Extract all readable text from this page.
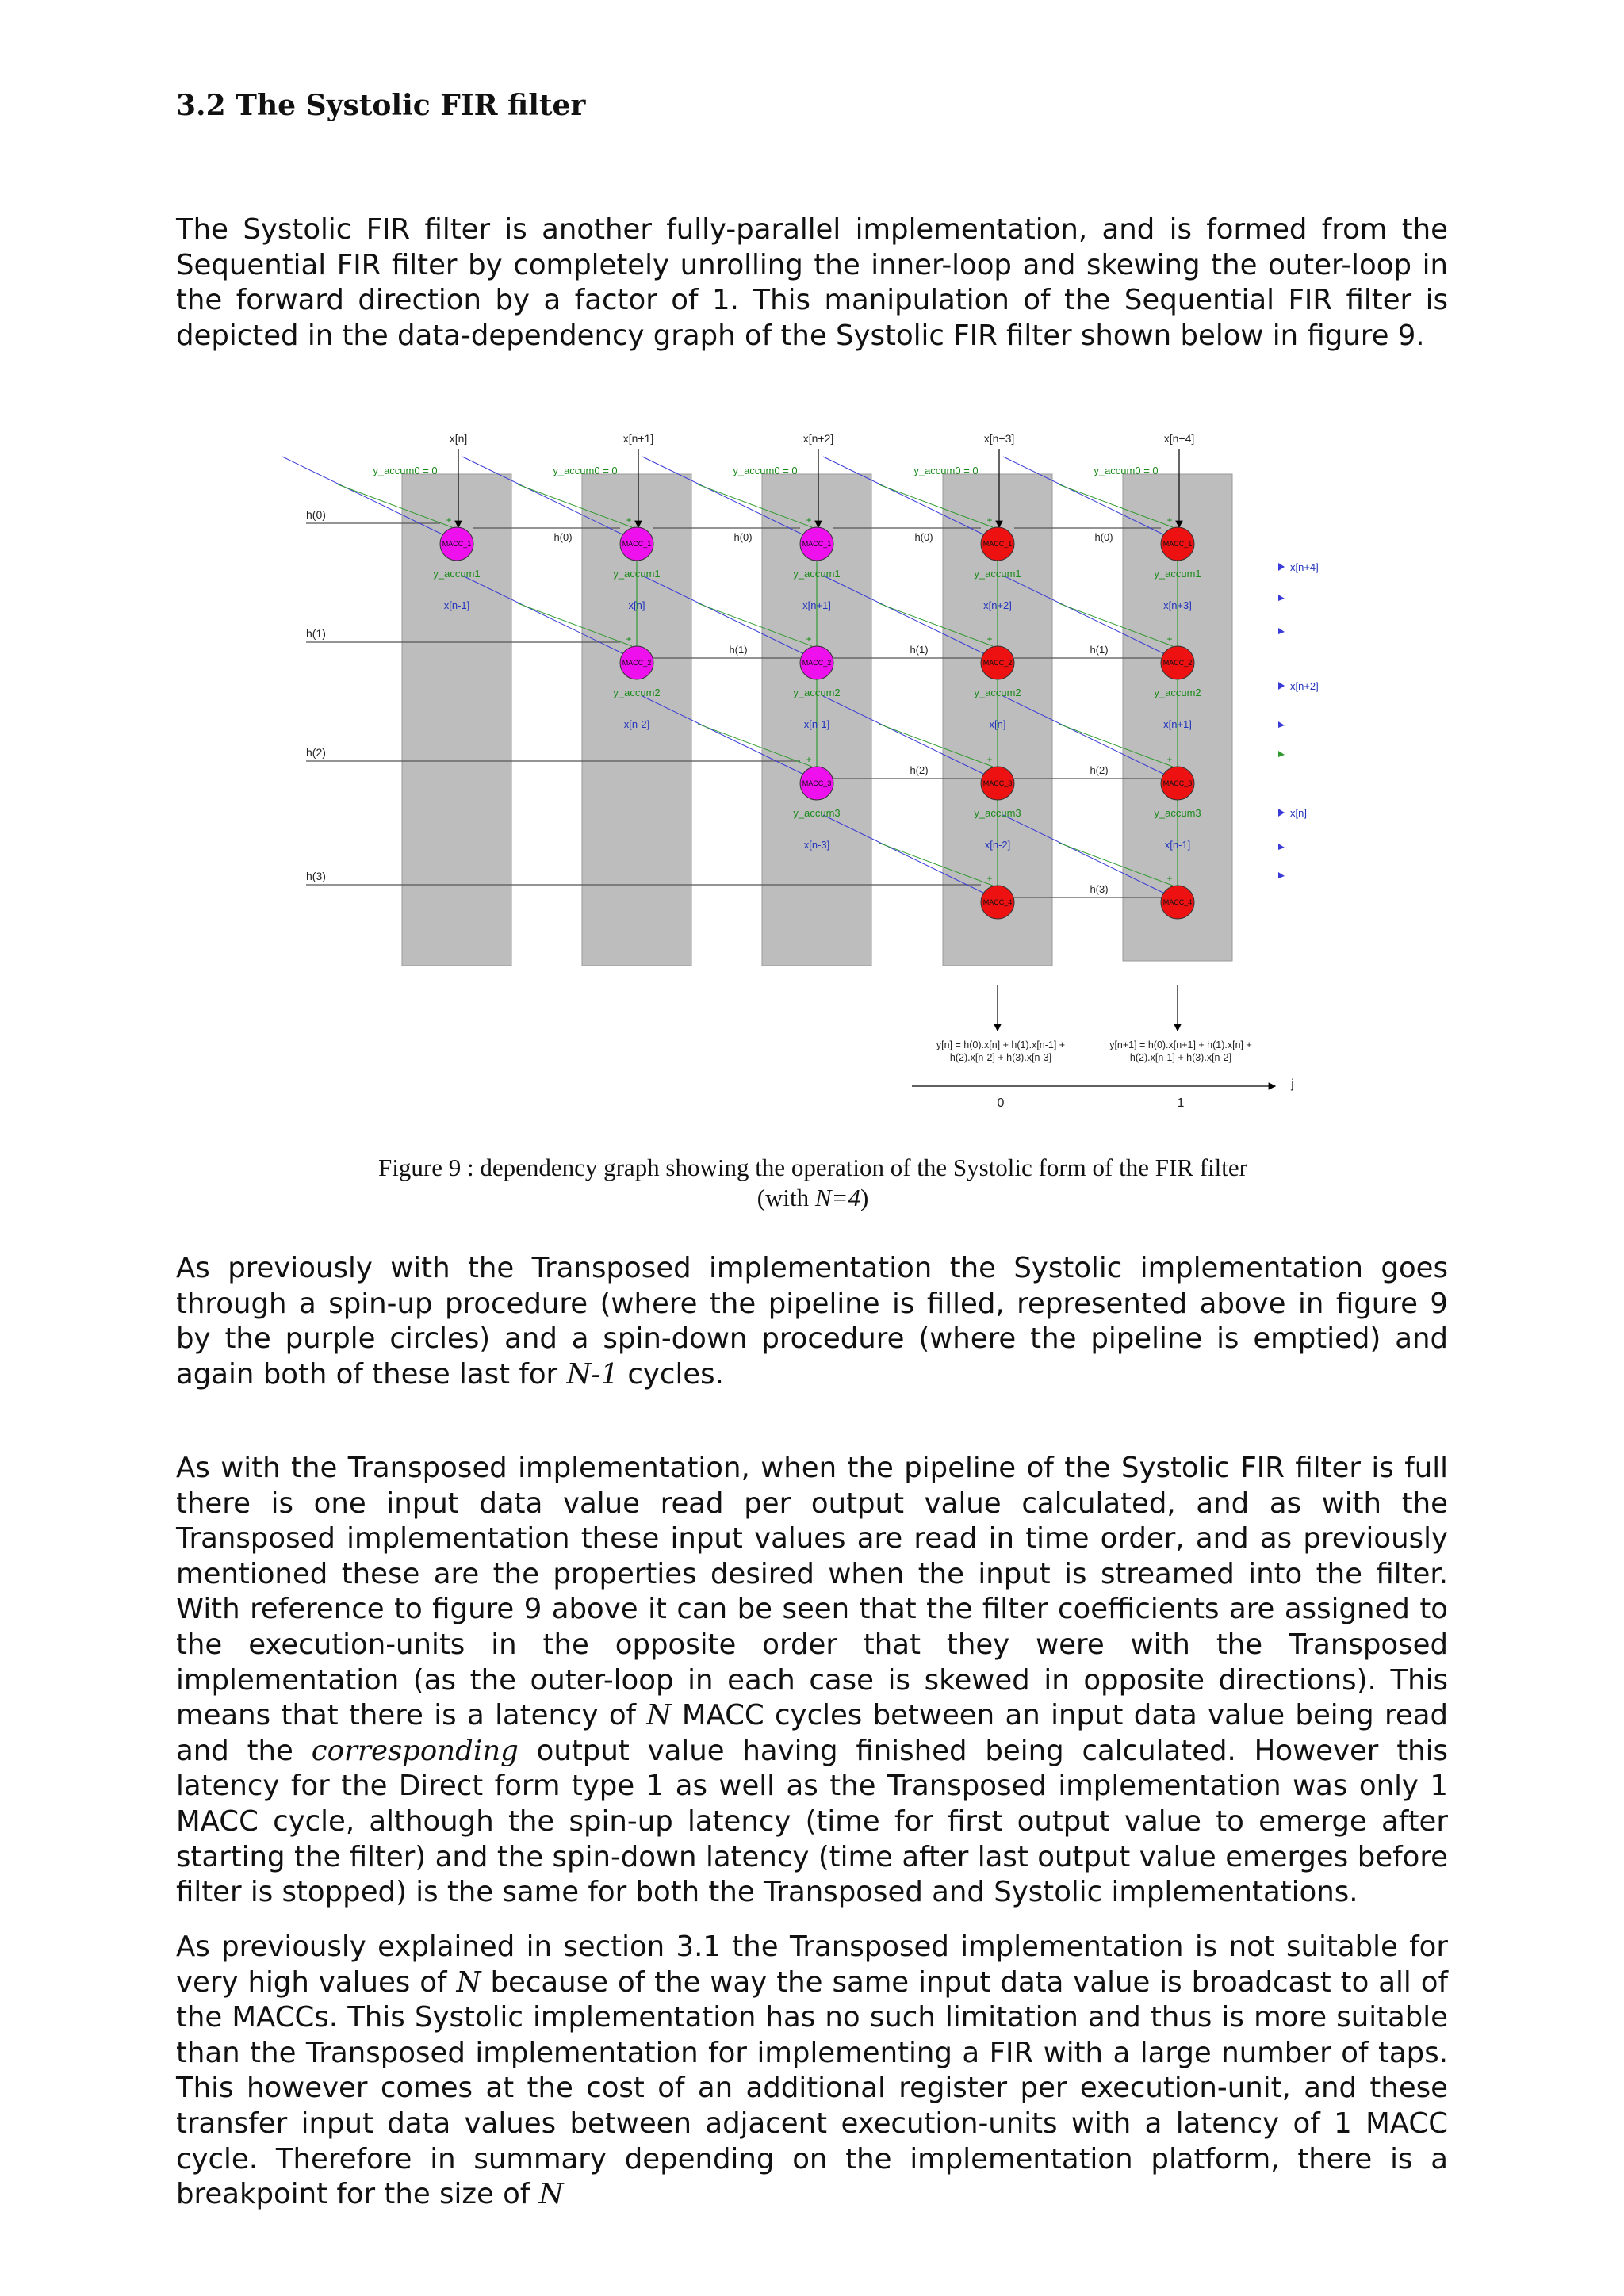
3.2 The Systolic FIR filter

The Systolic FIR filter is another fully-parallel implementation, and is formed from the Sequential FIR filter by completely unrolling the inner-loop and skewing the outer-loop in the forward direction by a factor of 1. This manipulation of the Sequential FIR filter is depicted in the data-dependency graph of the Systolic FIR filter shown below in figure 9.

h(0)
h(1)
h(2)
h(3)
MACC_1
+
y_accum1
MACC_1
+
y_accum1
MACC_2
+
y_accum2
MACC_1
+
y_accum1
MACC_2
+
y_accum2
MACC_3
+
y_accum3
MACC_1
+
y_accum1
MACC_2
+
y_accum2
MACC_3
+
y_accum3
MACC_4
+
MACC_1
+
y_accum1
MACC_2
+
y_accum2
MACC_3
+
y_accum3
MACC_4
+
x[n]
y_accum0 = 0
x[n+1]
y_accum0 = 0
h(0)
x[n+2]
y_accum0 = 0
h(0)
x[n+3]
y_accum0 = 0
h(0)
x[n+4]
y_accum0 = 0
h(0)
x[n-1]	x[n]
x[n-2]
x[n+1]
x[n-1]
x[n-3]
x[n+2]
x[n]
x[n-2]
x[n+3]
x[n+1]
x[n-1]
h(1)	h(1)
h(2)
h(1)
h(2)
h(3)
x[n+4]
x[n+2]
x[n]
y[n] = h(0).x[n] + h(1).x[n-1] +
h(2).x[n-2] + h(3).x[n-3]
0
y[n+1] = h(0).x[n+1] + h(1).x[n] +
h(2).x[n-1] + h(3).x[n-2]
1
j

Figure 9 : dependency graph showing the operation of the Systolic form of the FIR filter
(with N=4)

As previously with the Transposed implementation the Systolic implementation goes through a spin-up procedure (where the pipeline is filled, represented above in figure 9 by the purple circles) and a spin-down procedure (where the pipeline is emptied) and again both of these last for N-1 cycles.

As with the Transposed implementation, when the pipeline of the Systolic FIR filter is full there is one input data value read per output value calculated, and as with the Transposed implementation these input values are read in time order, and as previously mentioned these are the properties desired when the input is streamed into the filter. With reference to figure 9 above it can be seen that the filter coefficients are assigned to the execution-units in the opposite order that they were with the Transposed implementation (as the outer-loop in each case is skewed in opposite directions). This means that there is a latency of N MACC cycles between an input data value being read and the corresponding output value having finished being calculated. However this latency for the Direct form type 1 as well as the Transposed implementation was only 1 MACC cycle, although the spin-up latency (time for first output value to emerge after starting the filter) and the spin-down latency (time after last output value emerges before filter is stopped) is the same for both the Transposed and Systolic implementations.

As previously explained in section 3.1 the Transposed implementation is not suitable for very high values of N because of the way the same input data value is broadcast to all of the MACCs. This Systolic implementation has no such limitation and thus is more suitable than the Transposed implementation for implementing a FIR with a large number of taps. This however comes at the cost of an additional register per execution-unit, and these transfer input data values between adjacent execution-units with a latency of 1 MACC cycle. Therefore in summary depending on the implementation platform, there is a breakpoint for the size of N
